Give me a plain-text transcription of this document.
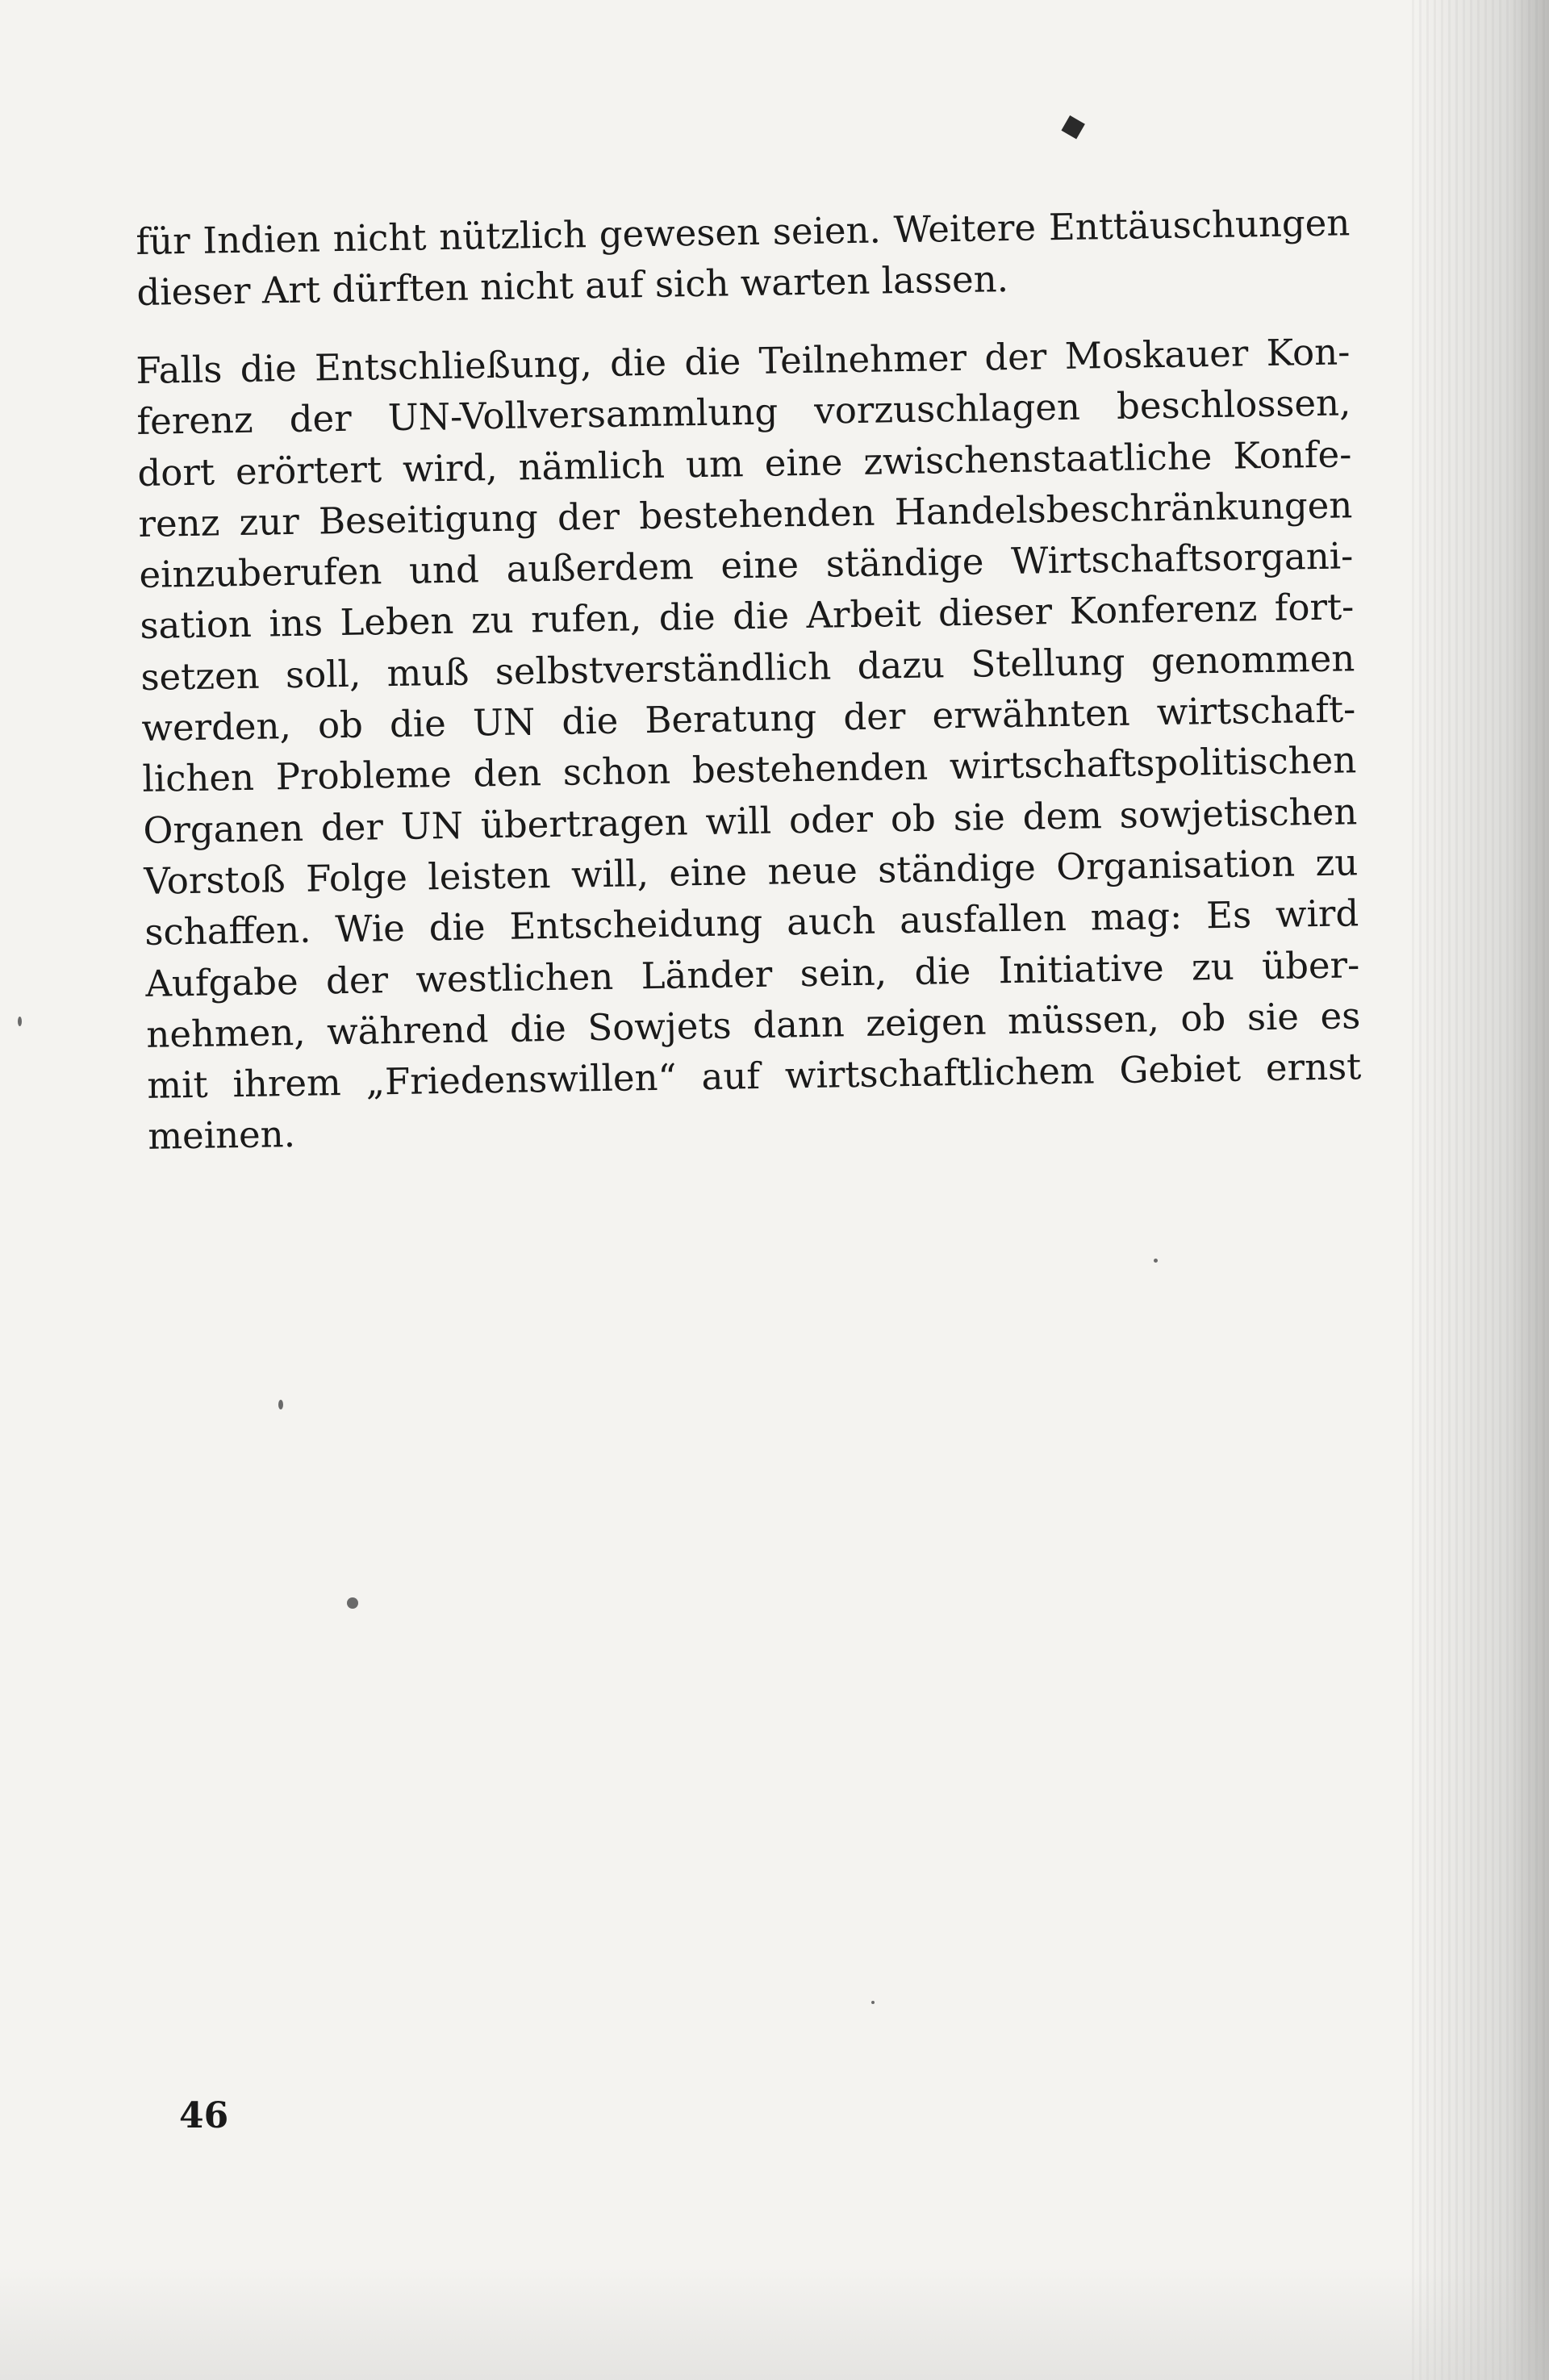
◆

für Indien nicht nützlich gewesen seien. Weitere Enttäuschungen
dieser Art dürften nicht auf sich warten lassen.

Falls die Entschließung, die die Teilnehmer der Moskauer Kon-
ferenz der UN-Vollversammlung vorzuschlagen beschlossen,
dort erörtert wird, nämlich um eine zwischenstaatliche Konfe-
renz zur Beseitigung der bestehenden Handelsbeschränkungen
einzuberufen und außerdem eine ständige Wirtschaftsorgani-
sation ins Leben zu rufen, die die Arbeit dieser Konferenz fort-
setzen soll, muß selbstverständlich dazu Stellung genommen
werden, ob die UN die Beratung der erwähnten wirtschaft-
lichen Probleme den schon bestehenden wirtschaftspolitischen
Organen der UN übertragen will oder ob sie dem sowjetischen
Vorstoß Folge leisten will, eine neue ständige Organisation zu
schaffen. Wie die Entscheidung auch ausfallen mag: Es wird
Aufgabe der westlichen Länder sein, die Initiative zu über-
nehmen, während die Sowjets dann zeigen müssen, ob sie es
mit ihrem „Friedenswillen“ auf wirtschaftlichem Gebiet ernst
meinen.

46
